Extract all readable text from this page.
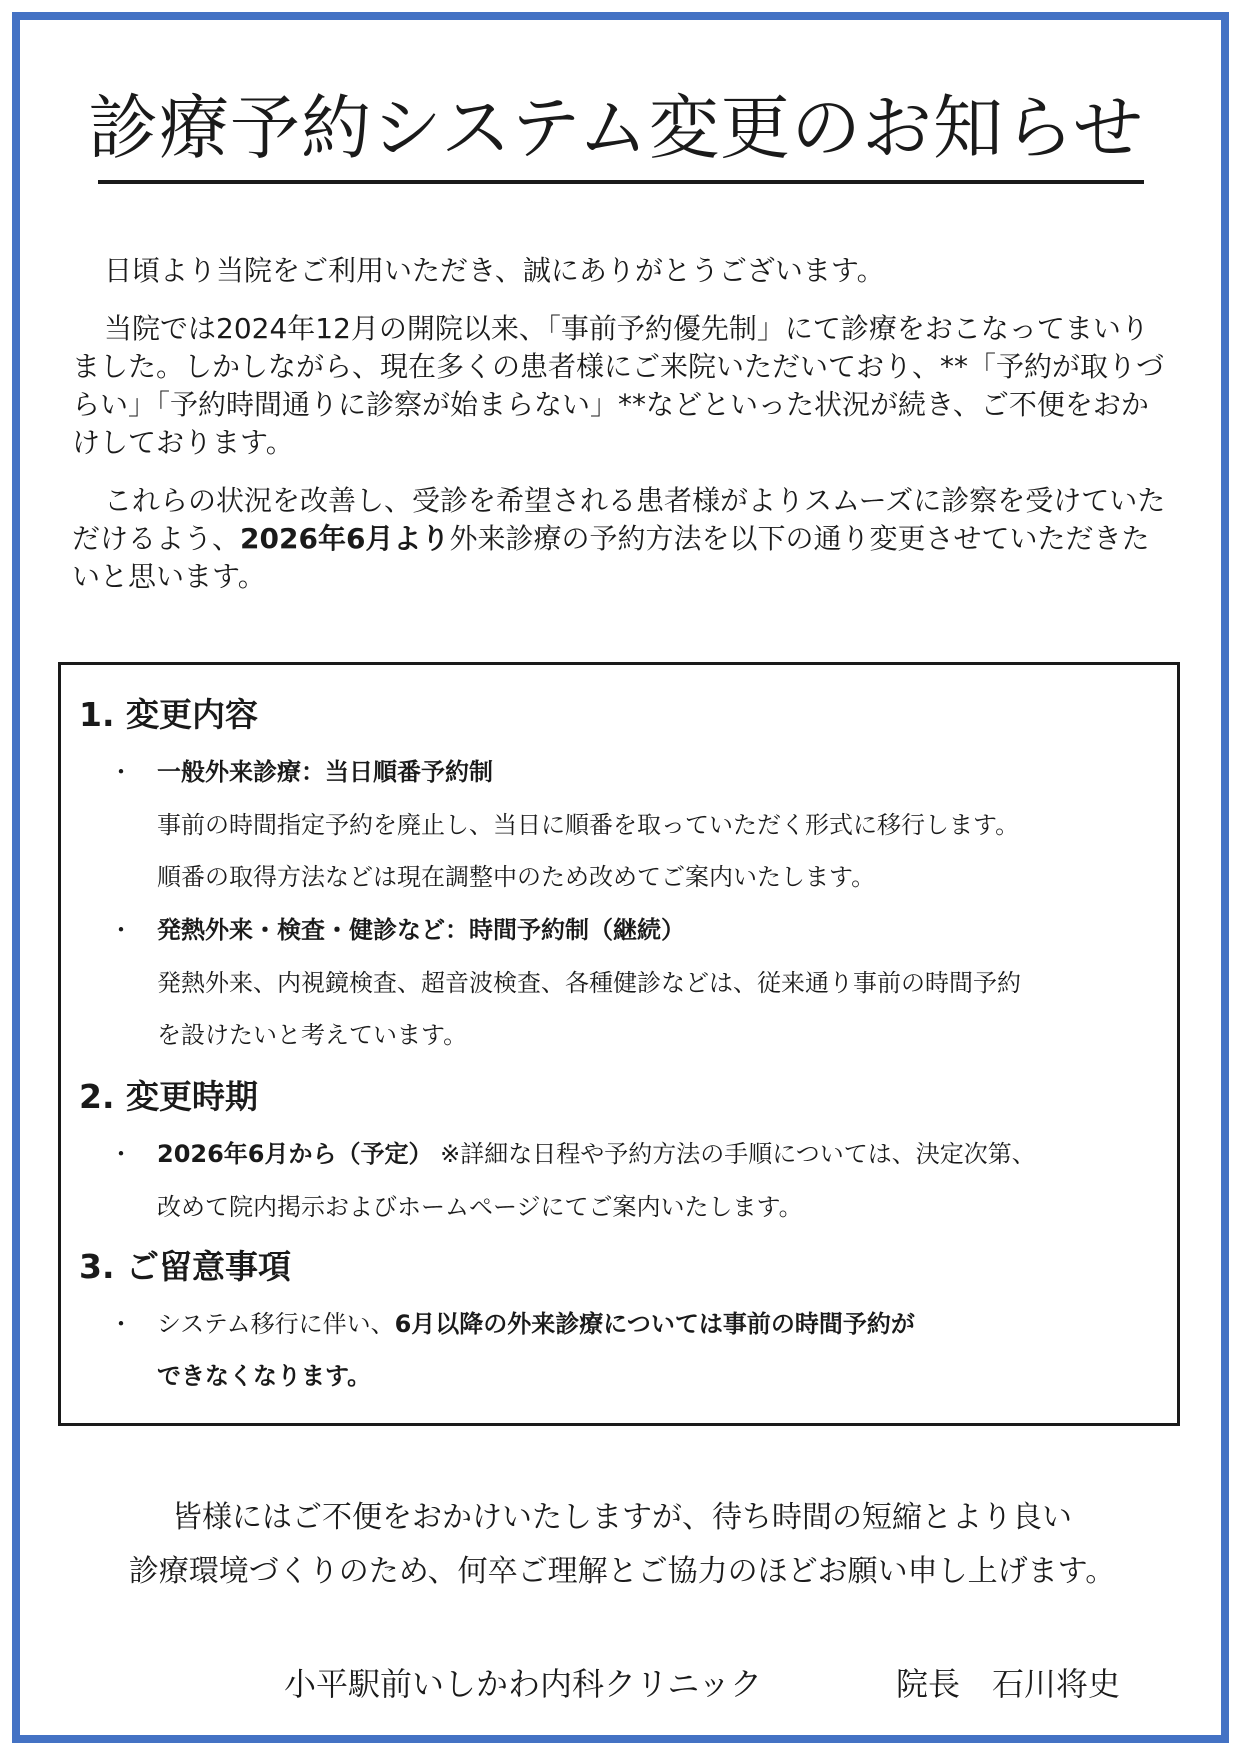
診療予約システム変更のお知らせ

日頃より当院をご利用いただき、誠にありがとうございます。

当院では2024年12月の開院以来、「事前予約優先制」にて診療をおこなってまいりました。しかしながら、現在多くの患者様にご来院いただいており、**「予約が取りづらい」「予約時間通りに診察が始まらない」**などといった状況が続き、ご不便をおかけしております。

これらの状況を改善し、受診を希望される患者様がよりスムーズに診察を受けていただけるよう、2026年6月より外来診療の予約方法を以下の通り変更させていただきたいと思います。

1. 変更内容
・ 一般外来診療：当日順番予約制
事前の時間指定予約を廃止し、当日に順番を取っていただく形式に移行します。
順番の取得方法などは現在調整中のため改めてご案内いたします。
・ 発熱外来・検査・健診など：時間予約制（継続）
発熱外来、内視鏡検査、超音波検査、各種健診などは、従来通り事前の時間予約
を設けたいと考えています。
2. 変更時期
・ 2026年6月から（予定） ※詳細な日程や予約方法の手順については、決定次第、
改めて院内掲示およびホームページにてご案内いたします。
3. ご留意事項
・ システム移行に伴い、6月以降の外来診療については事前の時間予約が
できなくなります。
皆様にはご不便をおかけいたしますが、待ち時間の短縮とより良い
診療環境づくりのため、何卒ご理解とご協力のほどお願い申し上げます。
小平駅前いしかわ内科クリニック	院長　石川将史
